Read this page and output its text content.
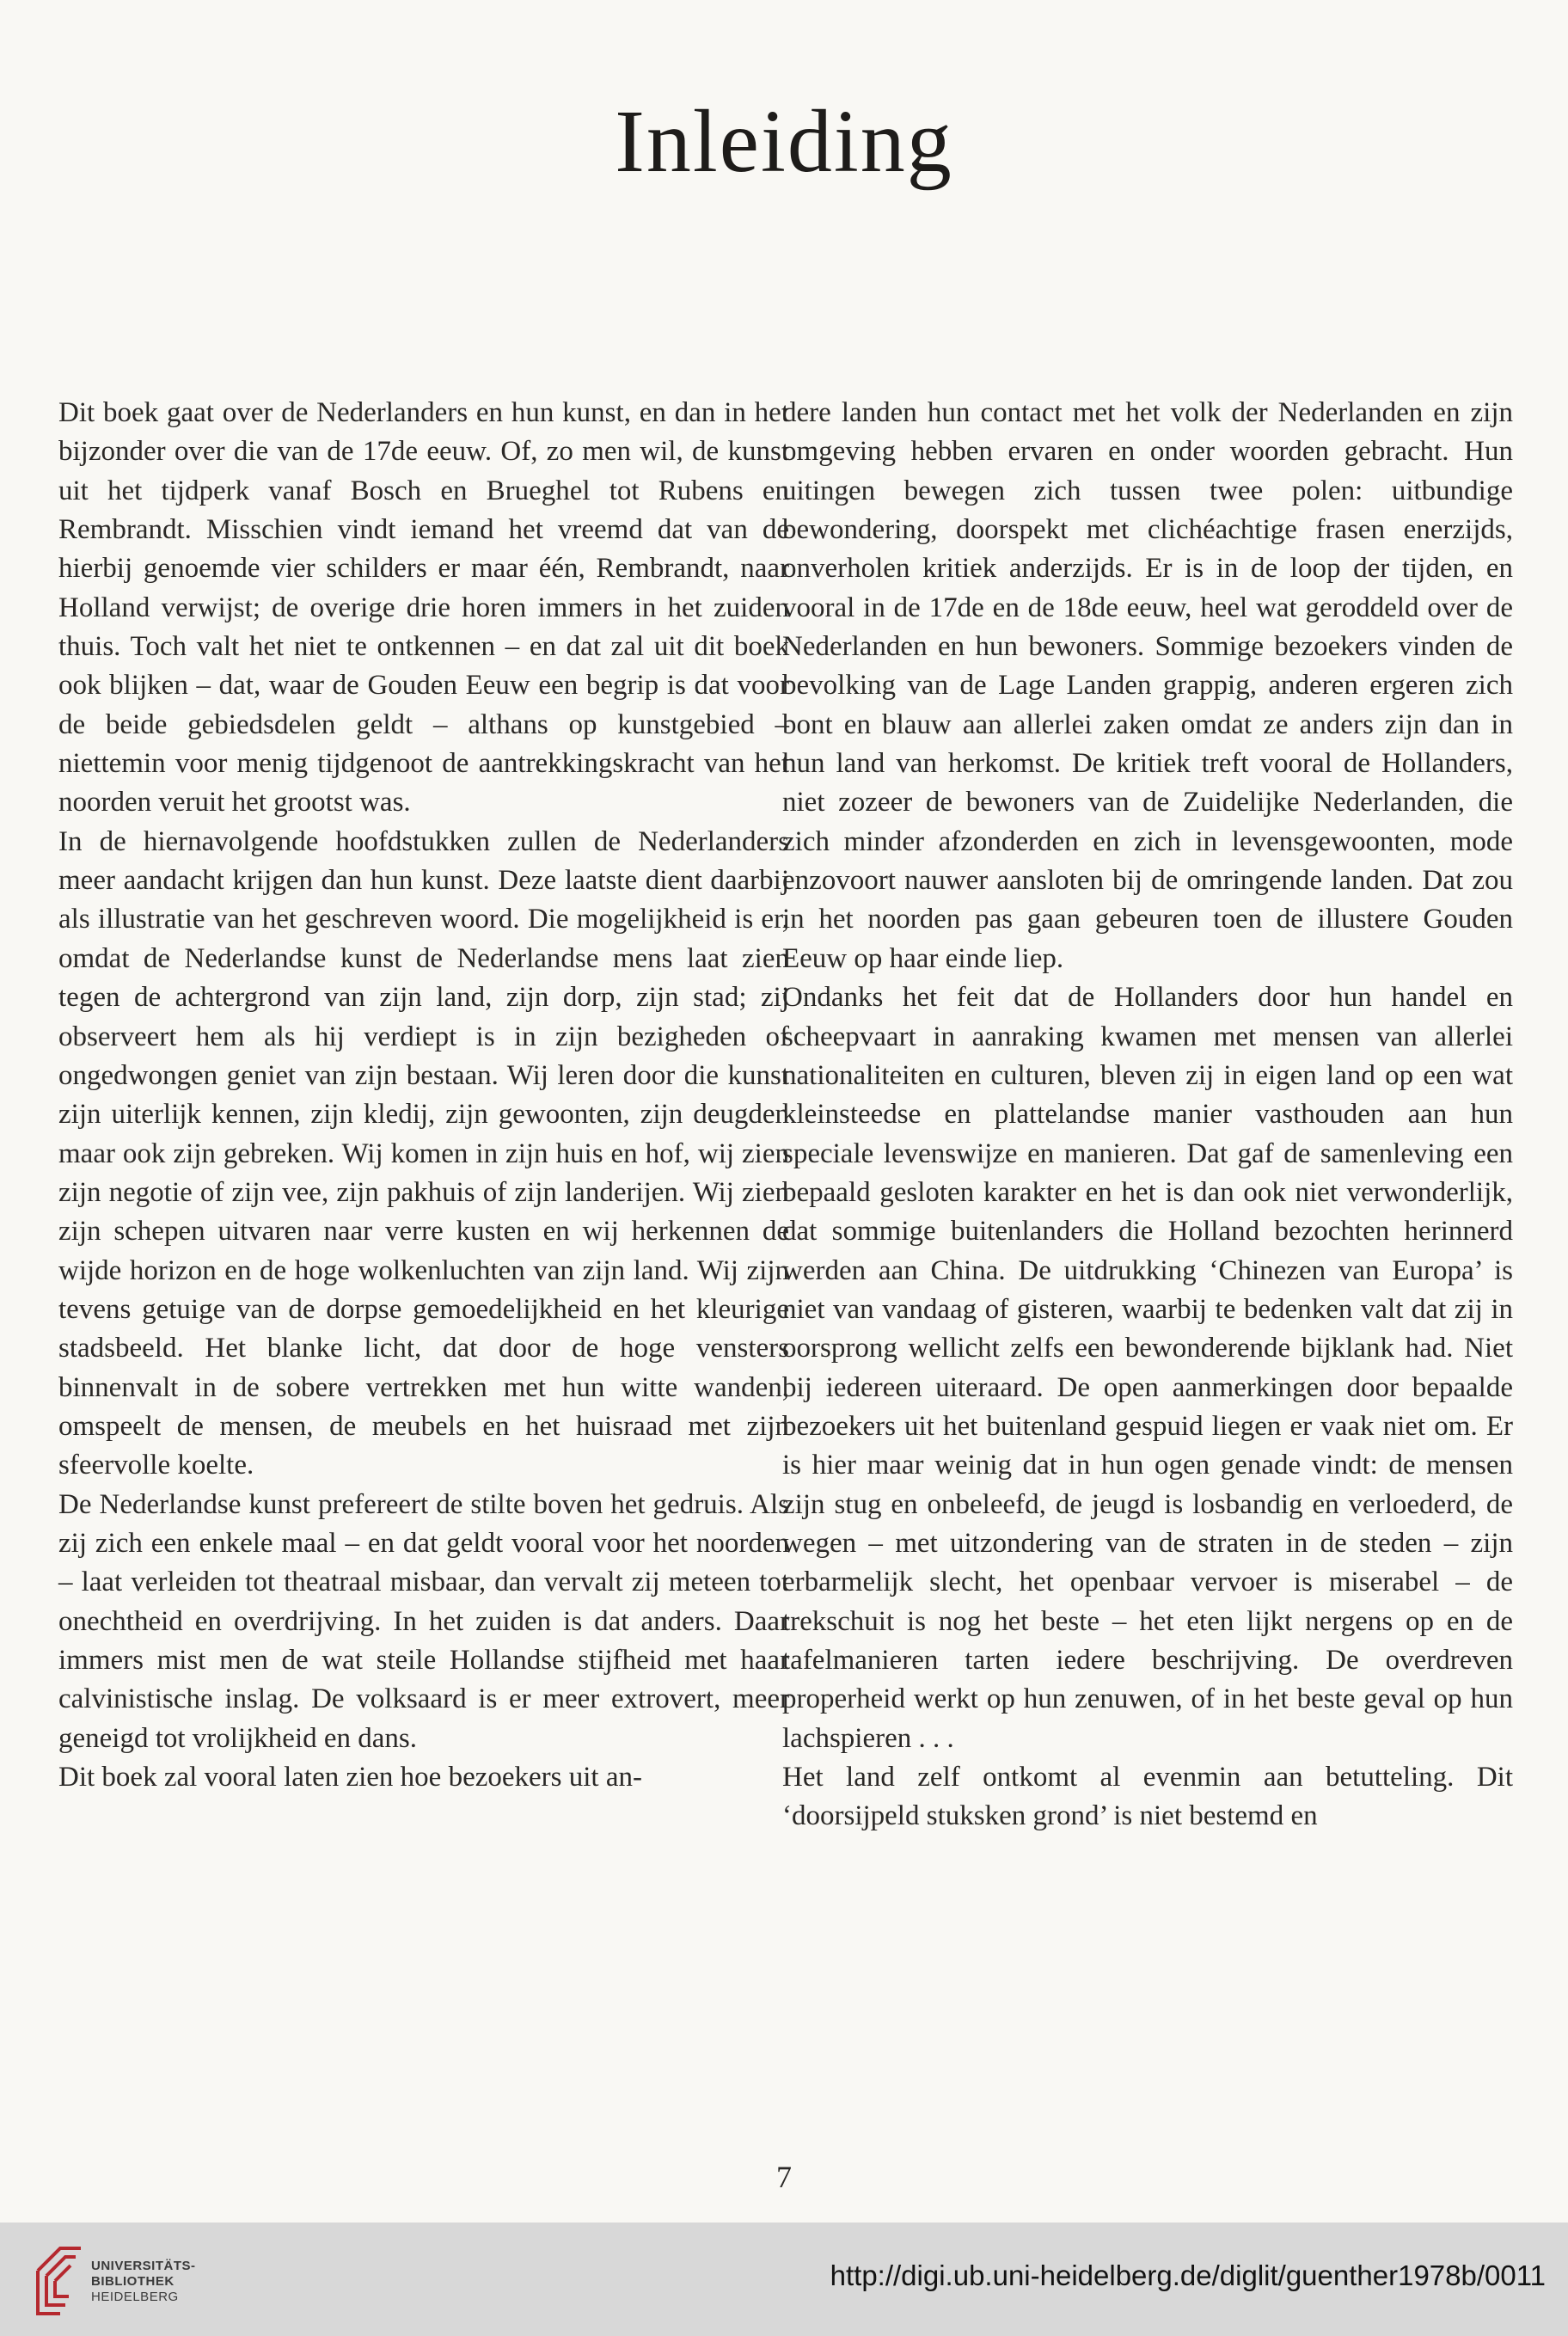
Inleiding

Dit boek gaat over de Nederlanders en hun kunst, en dan in het bijzonder over die van de 17de eeuw. Of, zo men wil, de kunst uit het tijdperk vanaf Bosch en Brueghel tot Rubens en Rembrandt. Misschien vindt iemand het vreemd dat van de hierbij genoemde vier schilders er maar één, Rembrandt, naar Holland verwijst; de overige drie horen immers in het zuiden thuis. Toch valt het niet te ontkennen – en dat zal uit dit boek ook blijken – dat, waar de Gouden Eeuw een begrip is dat voor de beide gebiedsdelen geldt – althans op kunstgebied – niettemin voor menig tijdgenoot de aantrekkingskracht van het noorden veruit het grootst was.

In de hiernavolgende hoofdstukken zullen de Nederlanders meer aandacht krijgen dan hun kunst. Deze laatste dient daarbij als illustratie van het geschreven woord. Die mogelijkheid is er, omdat de Nederlandse kunst de Nederlandse mens laat zien tegen de achtergrond van zijn land, zijn dorp, zijn stad; zij observeert hem als hij verdiept is in zijn bezigheden of ongedwongen geniet van zijn bestaan. Wij leren door die kunst zijn uiterlijk kennen, zijn kledij, zijn gewoonten, zijn deugden maar ook zijn gebreken. Wij komen in zijn huis en hof, wij zien zijn negotie of zijn vee, zijn pakhuis of zijn landerijen. Wij zien zijn schepen uitvaren naar verre kusten en wij herkennen de wijde horizon en de hoge wolkenluchten van zijn land. Wij zijn tevens getuige van de dorpse gemoedelijkheid en het kleurige stadsbeeld. Het blanke licht, dat door de hoge vensters binnenvalt in de sobere vertrekken met hun witte wanden, omspeelt de mensen, de meubels en het huisraad met zijn sfeervolle koelte.

De Nederlandse kunst prefereert de stilte boven het gedruis. Als zij zich een enkele maal – en dat geldt vooral voor het noorden – laat verleiden tot theatraal misbaar, dan vervalt zij meteen tot onechtheid en overdrijving. In het zuiden is dat anders. Daar immers mist men de wat steile Hollandse stijfheid met haar calvinistische inslag. De volksaard is er meer extrovert, meer geneigd tot vrolijkheid en dans.

Dit boek zal vooral laten zien hoe bezoekers uit an-

dere landen hun contact met het volk der Nederlanden en zijn omgeving hebben ervaren en onder woorden gebracht. Hun uitingen bewegen zich tussen twee polen: uitbundige bewondering, doorspekt met clichéachtige frasen enerzijds, onverholen kritiek anderzijds. Er is in de loop der tijden, en vooral in de 17de en de 18de eeuw, heel wat geroddeld over de Nederlanden en hun bewoners. Sommige bezoekers vinden de bevolking van de Lage Landen grappig, anderen ergeren zich bont en blauw aan allerlei zaken omdat ze anders zijn dan in hun land van herkomst. De kritiek treft vooral de Hollanders, niet zozeer de bewoners van de Zuidelijke Nederlanden, die zich minder afzonderden en zich in levensgewoonten, mode enzovoort nauwer aansloten bij de omringende landen. Dat zou in het noorden pas gaan gebeuren toen de illustere Gouden Eeuw op haar einde liep.

Ondanks het feit dat de Hollanders door hun handel en scheepvaart in aanraking kwamen met mensen van allerlei nationaliteiten en culturen, bleven zij in eigen land op een wat kleinsteedse en plattelandse manier vasthouden aan hun speciale levenswijze en manieren. Dat gaf de samenleving een bepaald gesloten karakter en het is dan ook niet verwonderlijk, dat sommige buitenlanders die Holland bezochten herinnerd werden aan China. De uitdrukking ‘Chinezen van Europa’ is niet van vandaag of gisteren, waarbij te bedenken valt dat zij in oorsprong wellicht zelfs een bewonderende bijklank had. Niet bij iedereen uiteraard. De open aanmerkingen door bepaalde bezoekers uit het buitenland gespuid liegen er vaak niet om. Er is hier maar weinig dat in hun ogen genade vindt: de mensen zijn stug en onbeleefd, de jeugd is losbandig en verloederd, de wegen – met uitzondering van de straten in de steden – zijn erbarmelijk slecht, het openbaar vervoer is miserabel – de trekschuit is nog het beste – het eten lijkt nergens op en de tafelmanieren tarten iedere beschrijving. De overdreven properheid werkt op hun zenuwen, of in het beste geval op hun lachspieren . . .

Het land zelf ontkomt al evenmin aan betutteling. Dit ‘doorsijpeld stuksken grond’ is niet bestemd en

7
UNIVERSITÄTS-
BIBLIOTHEK
HEIDELBERG
http://digi.ub.uni-heidelberg.de/diglit/guenther1978b/0011
